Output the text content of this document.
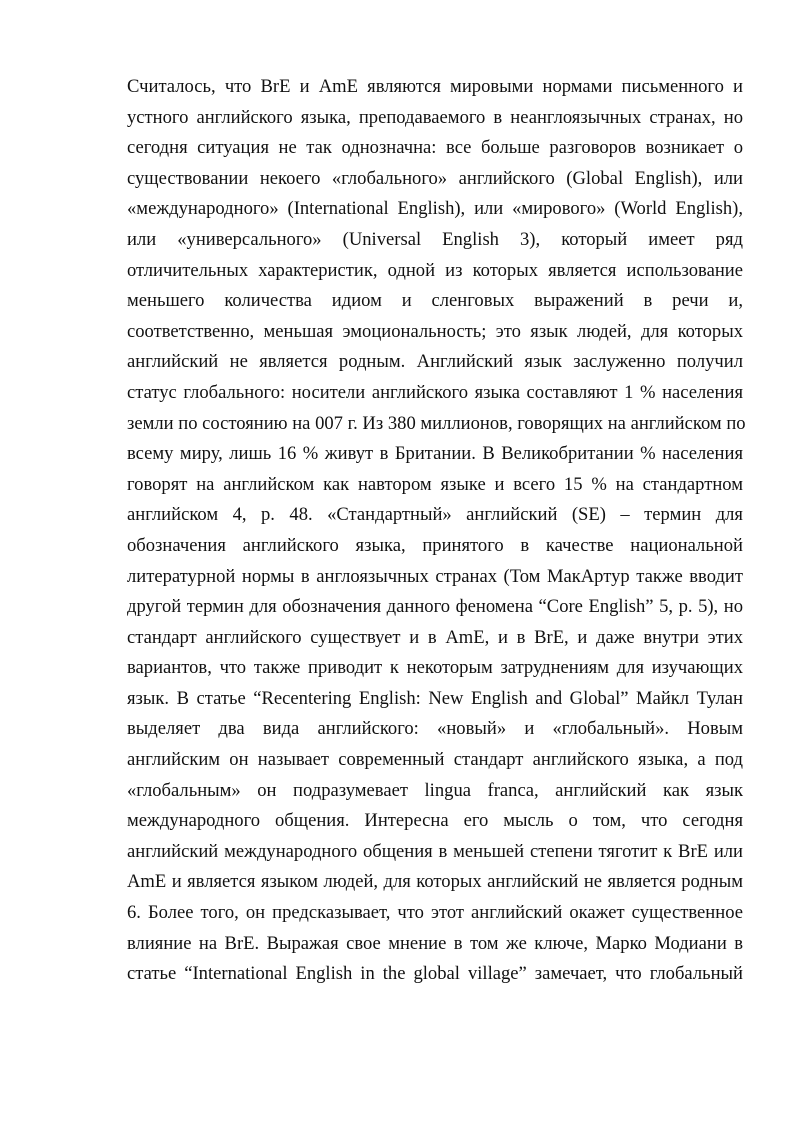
Считалось, что BrE и AmE являются мировыми нормами письменного и
устного английского языка, преподаваемого в неанглоязычных странах, но
сегодня ситуация не так однозначна: все больше разговоров возникает о
существовании некоего «глобального» английского (Global English), или
«международного» (International English), или «мирового» (World English),
или «универсального» (Universal English 3), который имеет ряд
отличительных характеристик, одной из которых является использование
меньшего количества идиом и сленговых выражений в речи и,
соответственно, меньшая эмоциональность; это язык людей, для которых
английский не является родным. Английский язык заслуженно получил
статус глобального: носители английского языка составляют 1 % населения
земли по состоянию на 007 г. Из 380 миллионов, говорящих на английском по
всему миру, лишь 16 % живут в Британии. В Великобритании % населения
говорят на английском как навтором языке и всего 15 % на стандартном
английском 4, p. 48. «Стандартный» английский (SE) – термин для
обозначения английского языка, принятого в качестве национальной
литературной нормы в англоязычных странах (Том МакАртур также вводит
другой термин для обозначения данного феномена “Core English” 5, p. 5), но
стандарт английского существует и в AmE, и в BrE, и даже внутри этих
вариантов, что также приводит к некоторым затруднениям для изучающих
язык. В статье “Recentering English: New English and Global” Майкл Тулан
выделяет два вида английского: «новый» и «глобальный». Новым
английским он называет современный стандарт английского языка, а под
«глобальным» он подразумевает lingua franca, английский как язык
международного общения. Интересна его мысль о том, что сегодня
английский международного общения в меньшей степени тяготит к BrE или
AmE и является языком людей, для которых английский не является родным
6. Более того, он предсказывает, что этот английский окажет существенное
влияние на BrE. Выражая свое мнение в том же ключе, Марко Модиани в
статье “International English in the global village” замечает, что глобальный
